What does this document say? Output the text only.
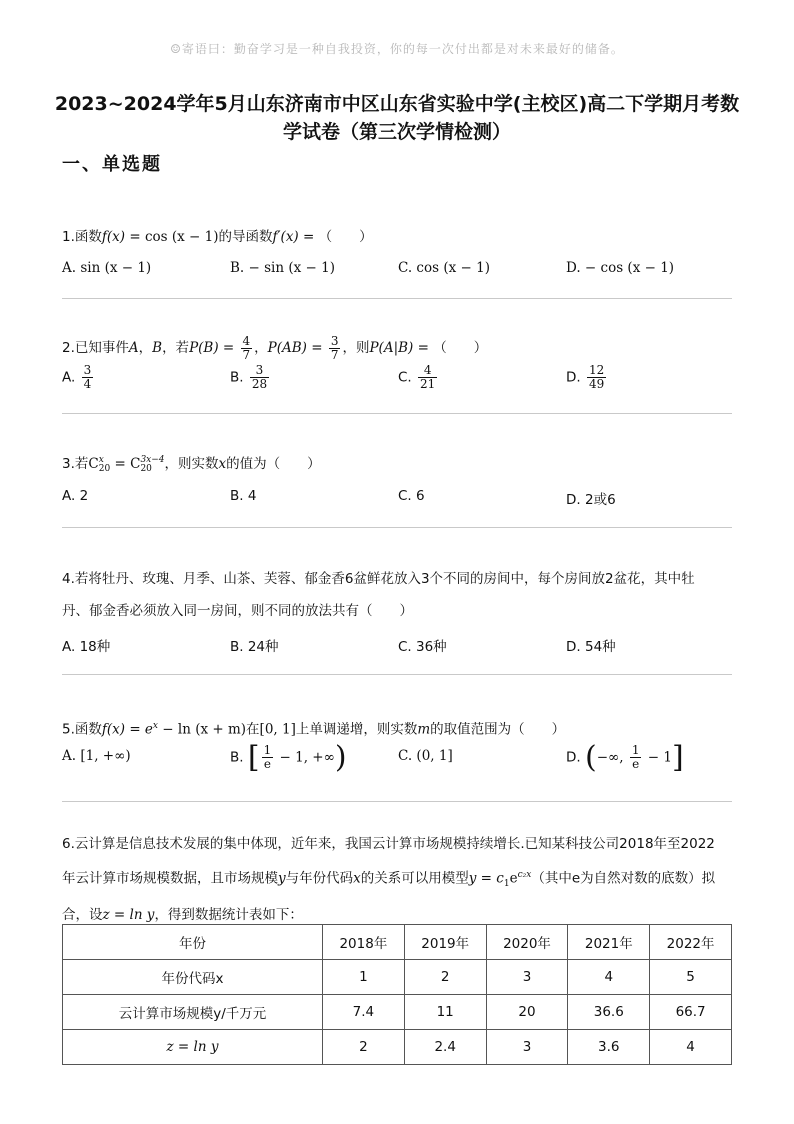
☺寄语曰：勤奋学习是一种自我投资，你的每一次付出都是对未来最好的储备。
2023~2024学年5月山东济南市中区山东省实验中学(主校区)高二下学期月考数
学试卷（第三次学情检测）
一、单选题
1.函数f(x) = cos (x − 1)的导函数f′(x) = （　　）
A. sin (x − 1)	B. − sin (x − 1)	C. cos (x − 1)	D. − cos (x − 1)
2.已知事件A，B，若$P(B) = \frac{4}{7}$ ，$P(AB) = \frac{3}{7}$ ，则P(A|B) = （　　）
A. $\frac{3}{4}$	B. $\frac{3}{28}$	C. $\frac{4}{21}$	D. $\frac{12}{49}$
3.若C x
20 = C 3x−4
20 ，则实数x的值为（　　）
A. 2	B. 4	C. 6	D. 2或6
4.若将牡丹、玫瑰、月季、山茶、芙蓉、郁金香6盆鲜花放入3个不同的房间中，每个房间放2盆花，其中牡
丹、郁金香必须放入同一房间，则不同的放法共有（　　）
A. 18种	B. 24种	C. 36种	D. 54种
5.函数$f(x) = e^x - \ln (x + m)$在[0, 1]上单调递增，则实数m的取值范围为（　　）
A. [1, +∞)	B. [ $\frac{1}{e} - 1$, +∞)	C. (0, 1]	D. (−∞, $\frac{1}{e} - 1$]
6.云计算是信息技术发展的集中体现，近年来，我国云计算市场规模持续增长.已知某科技公司2018年至2022
年云计算市场规模数据，且市场规模y与年份代码x的关系可以用模型$y = c_1e^{c_2x}$（其中e为自然对数的底数）拟
合，设z = ln y，得到数据统计表如下：
年份	2018年	2019年	2020年	2021年	2022年
年份代码x	1	2	3	4	5
云计算市场规模y/千万元	7.4	11	20	36.6	66.7
z = ln y	2	2.4	3	3.6	4
